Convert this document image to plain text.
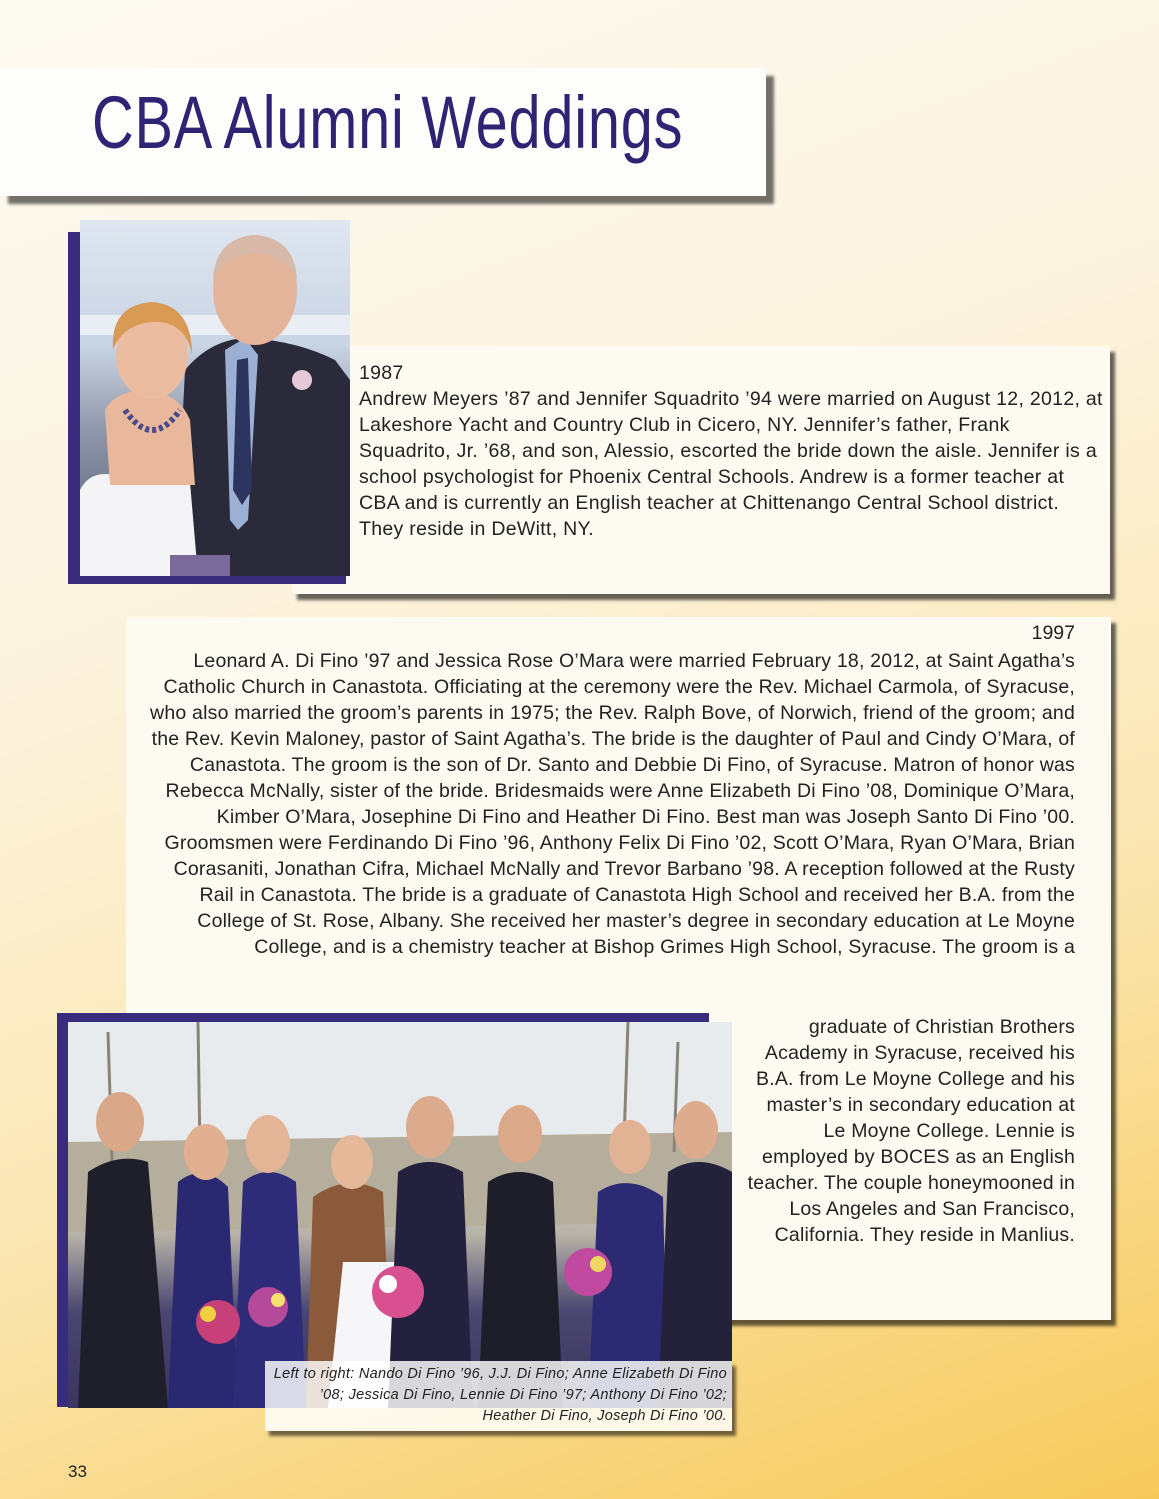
CBA Alumni Weddings

1987

Andrew Meyers ’87 and Jennifer Squadrito ’94 were married on August 12, 2012, at Lakeshore Yacht and Country Club in Cicero, NY. Jennifer’s father, Frank Squadrito, Jr. ’68, and son, Alessio, escorted the bride down the aisle. Jennifer is a school psychologist for Phoenix Central Schools. Andrew is a former teacher at CBA and is currently an English teacher at Chittenango Central School district. They reside in DeWitt, NY.

1997

Leonard A. Di Fino ’97 and Jessica Rose O’Mara were married February 18, 2012, at Saint Agatha’s Catholic Church in Canastota. Officiating at the ceremony were the Rev. Michael Carmola, of Syracuse, who also married the groom’s parents in 1975; the Rev. Ralph Bove, of Norwich, friend of the groom; and the Rev. Kevin Maloney, pastor of Saint Agatha’s. The bride is the daughter of Paul and Cindy O’Mara, of Canastota. The groom is the son of Dr. Santo and Debbie Di Fino, of Syracuse. Matron of honor was Rebecca McNally, sister of the bride. Bridesmaids were Anne Elizabeth Di Fino ’08, Dominique O’Mara, Kimber O’Mara, Josephine Di Fino and Heather Di Fino. Best man was Joseph Santo Di Fino ’00. Groomsmen were Ferdinando Di Fino ’96, Anthony Felix Di Fino ’02, Scott O’Mara, Ryan O’Mara, Brian Corasaniti, Jonathan Cifra, Michael McNally and Trevor Barbano ’98. A reception followed at the Rusty Rail in Canastota. The bride is a graduate of Canastota High School and received her B.A. from the College of St. Rose, Albany. She received her master’s degree in secondary education at Le Moyne College, and is a chemistry teacher at Bishop Grimes High School, Syracuse. The groom is a

graduate of Christian Brothers Academy in Syracuse, received his B.A. from Le Moyne College and his master’s in secondary education at Le Moyne College. Lennie is employed by BOCES as an English teacher. The couple honeymooned in Los Angeles and San Francisco, California. They reside in Manlius.

Left to right: Nando Di Fino ’96, J.J. Di Fino; Anne Elizabeth Di Fino ’08; Jessica Di Fino, Lennie Di Fino ’97; Anthony Di Fino ’02; Heather Di Fino, Joseph Di Fino ’00.
33
